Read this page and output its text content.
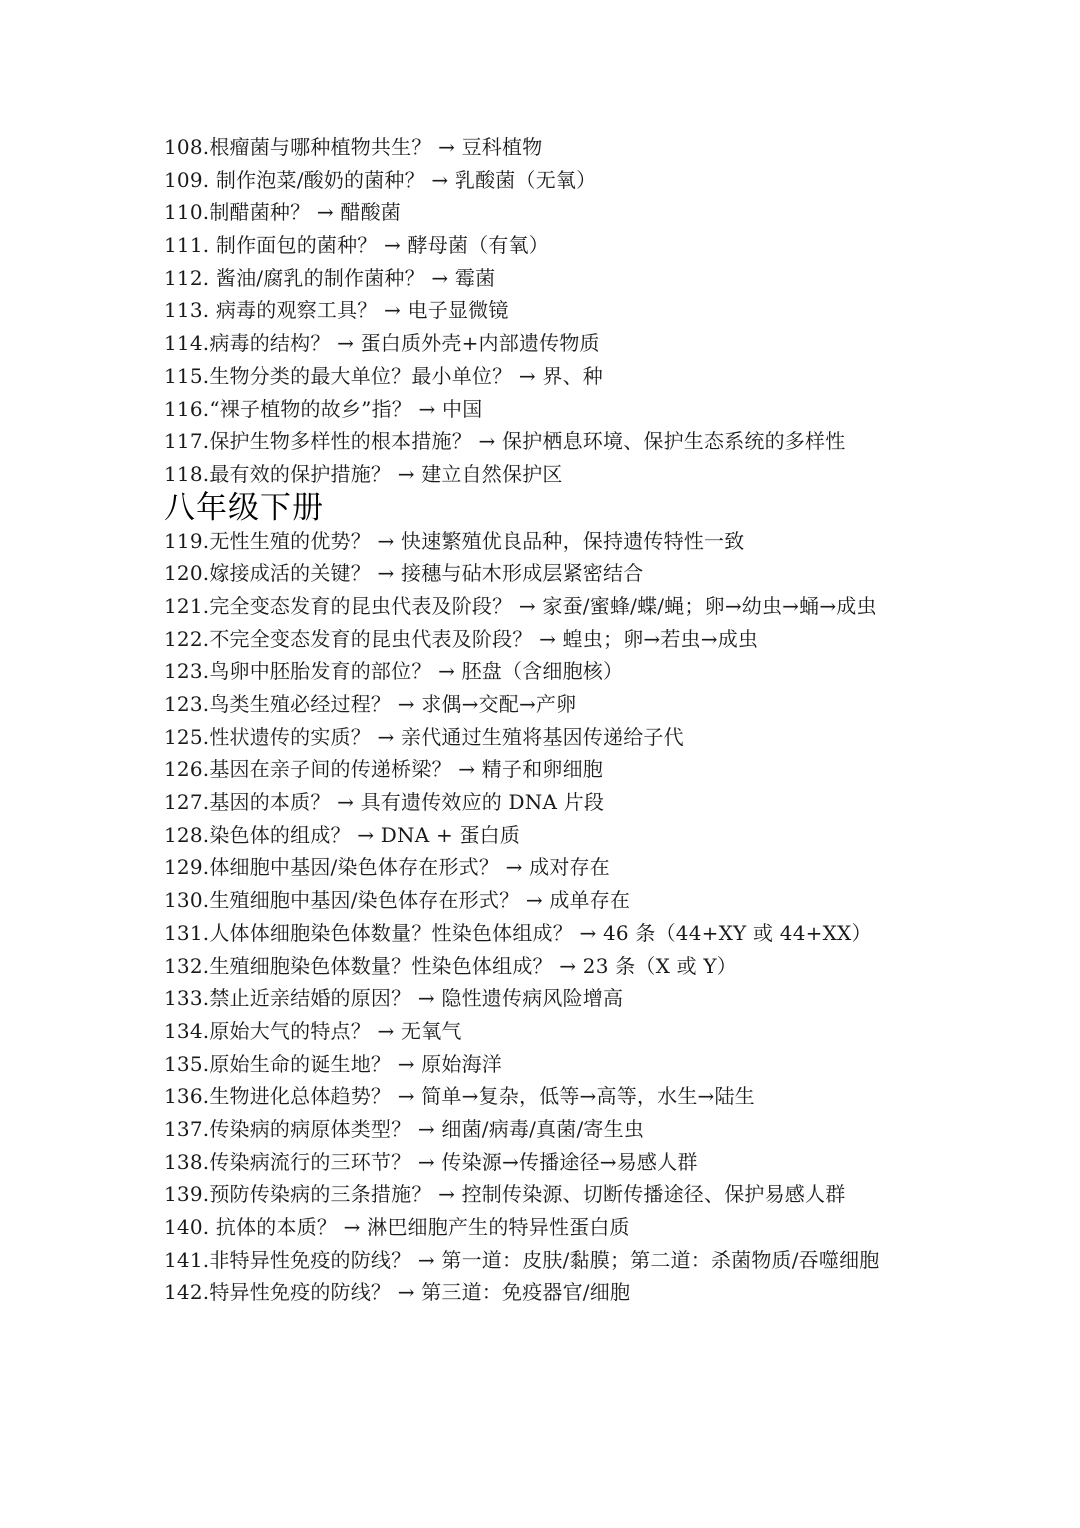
108.根瘤菌与哪种植物共生？ → 豆科植物
109. 制作泡菜/酸奶的菌种？ → 乳酸菌（无氧）
110.制醋菌种？ → 醋酸菌
111. 制作面包的菌种？ → 酵母菌（有氧）
112. 酱油/腐乳的制作菌种？ → 霉菌
113. 病毒的观察工具？ → 电子显微镜
114.病毒的结构？ → 蛋白质外壳+内部遗传物质
115.生物分类的最大单位？最小单位？ → 界、种
116.“裸子植物的故乡”指？ → 中国
117.保护生物多样性的根本措施？ → 保护栖息环境、保护生态系统的多样性
118.最有效的保护措施？ → 建立自然保护区
八年级下册
119.无性生殖的优势？ → 快速繁殖优良品种，保持遗传特性一致
120.嫁接成活的关键？ → 接穗与砧木形成层紧密结合
121.完全变态发育的昆虫代表及阶段？ → 家蚕/蜜蜂/蝶/蝇；卵→幼虫→蛹→成虫
122.不完全变态发育的昆虫代表及阶段？ → 蝗虫；卵→若虫→成虫
123.鸟卵中胚胎发育的部位？ → 胚盘（含细胞核）
123.鸟类生殖必经过程？ → 求偶→交配→产卵
125.性状遗传的实质？ → 亲代通过生殖将基因传递给子代
126.基因在亲子间的传递桥梁？ → 精子和卵细胞
127.基因的本质？ → 具有遗传效应的 DNA 片段
128.染色体的组成？ → DNA + 蛋白质
129.体细胞中基因/染色体存在形式？ → 成对存在
130.生殖细胞中基因/染色体存在形式？ → 成单存在
131.人体体细胞染色体数量？性染色体组成？ → 46 条（44+XY 或 44+XX）
132.生殖细胞染色体数量？性染色体组成？ → 23 条（X 或 Y）
133.禁止近亲结婚的原因？ → 隐性遗传病风险增高
134.原始大气的特点？ → 无氧气
135.原始生命的诞生地？ → 原始海洋
136.生物进化总体趋势？ → 简单→复杂，低等→高等，水生→陆生
137.传染病的病原体类型？ → 细菌/病毒/真菌/寄生虫
138.传染病流行的三环节？ → 传染源→传播途径→易感人群
139.预防传染病的三条措施？ → 控制传染源、切断传播途径、保护易感人群
140. 抗体的本质？ → 淋巴细胞产生的特异性蛋白质
141.非特异性免疫的防线？ → 第一道：皮肤/黏膜；第二道：杀菌物质/吞噬细胞
142.特异性免疫的防线？ → 第三道：免疫器官/细胞
